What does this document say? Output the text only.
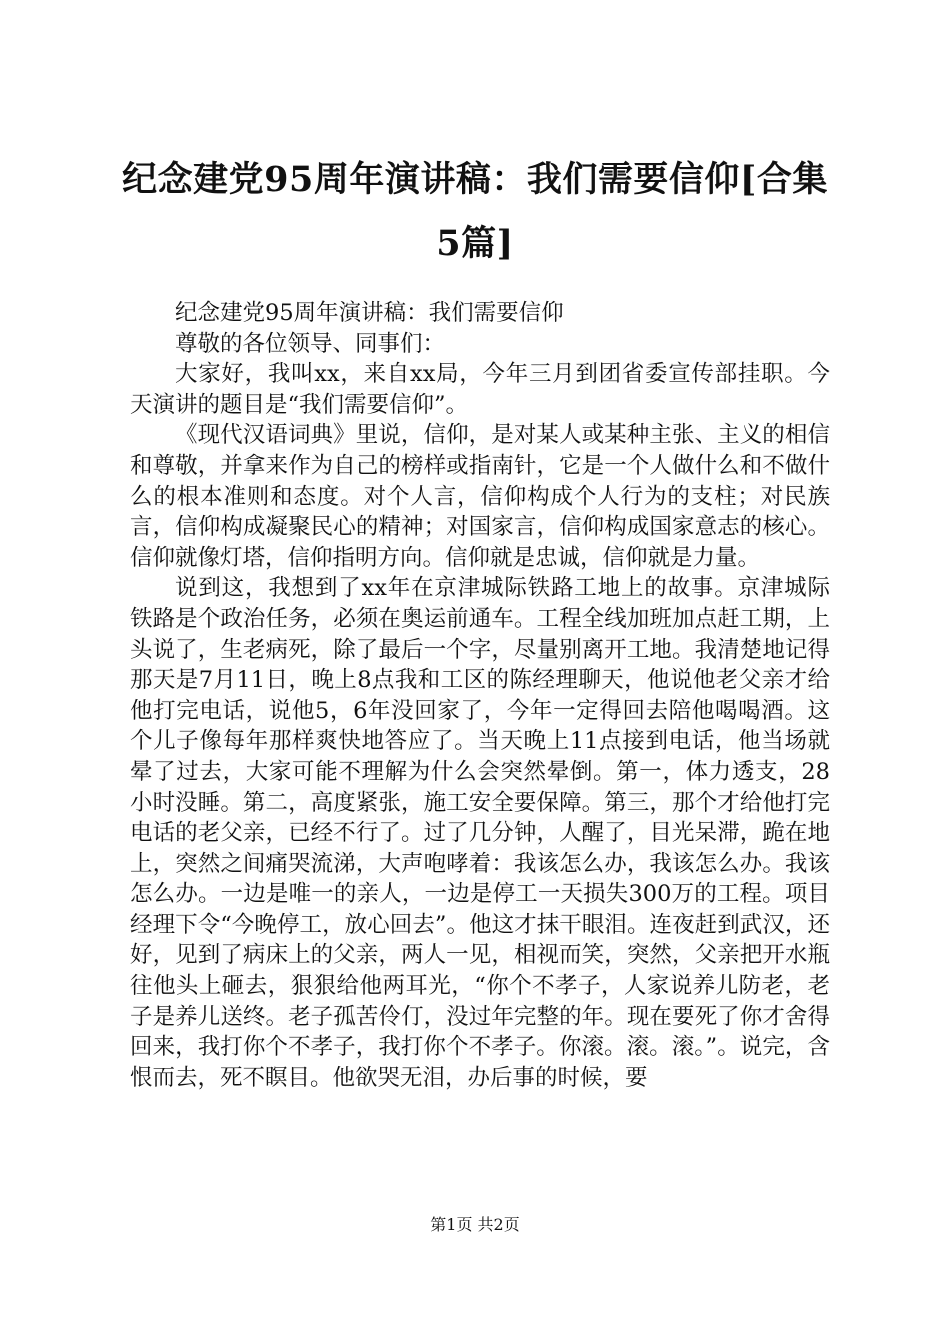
纪念建党95周年演讲稿：我们需要信仰[合集5篇]

纪念建党95周年演讲稿：我们需要信仰

尊敬的各位领导、同事们：

大家好，我叫xx，来自xx局，今年三月到团省委宣传部挂职。今天演讲的题目是“我们需要信仰”。

《现代汉语词典》里说，信仰，是对某人或某种主张、主义的相信和尊敬，并拿来作为自己的榜样或指南针，它是一个人做什么和不做什么的根本准则和态度。对个人言，信仰构成个人行为的支柱；对民族言，信仰构成凝聚民心的精神；对国家言，信仰构成国家意志的核心。信仰就像灯塔，信仰指明方向。信仰就是忠诚，信仰就是力量。

说到这，我想到了xx年在京津城际铁路工地上的故事。京津城际铁路是个政治任务，必须在奥运前通车。工程全线加班加点赶工期，上头说了，生老病死，除了最后一个字，尽量别离开工地。我清楚地记得那天是7月11日，晚上8点我和工区的陈经理聊天，他说他老父亲才给他打完电话，说他5，6年没回家了，今年一定得回去陪他喝喝酒。这个儿子像每年那样爽快地答应了。当天晚上11点接到电话，他当场就晕了过去，大家可能不理解为什么会突然晕倒。第一，体力透支，28小时没睡。第二，高度紧张，施工安全要保障。第三，那个才给他打完电话的老父亲，已经不行了。过了几分钟，人醒了，目光呆滞，跪在地上，突然之间痛哭流涕，大声咆哮着：我该怎么办，我该怎么办。我该怎么办。一边是唯一的亲人，一边是停工一天损失300万的工程。项目经理下令“今晚停工，放心回去”。他这才抹干眼泪。连夜赶到武汉，还好，见到了病床上的父亲，两人一见，相视而笑，突然，父亲把开水瓶往他头上砸去，狠狠给他两耳光，“你个不孝子，人家说养儿防老，老子是养儿送终。老子孤苦伶仃，没过年完整的年。现在要死了你才舍得回来，我打你个不孝子，我打你个不孝子。你滚。滚。滚。”。说完，含恨而去，死不瞑目。他欲哭无泪，办后事的时候，要

第1页 共2页
